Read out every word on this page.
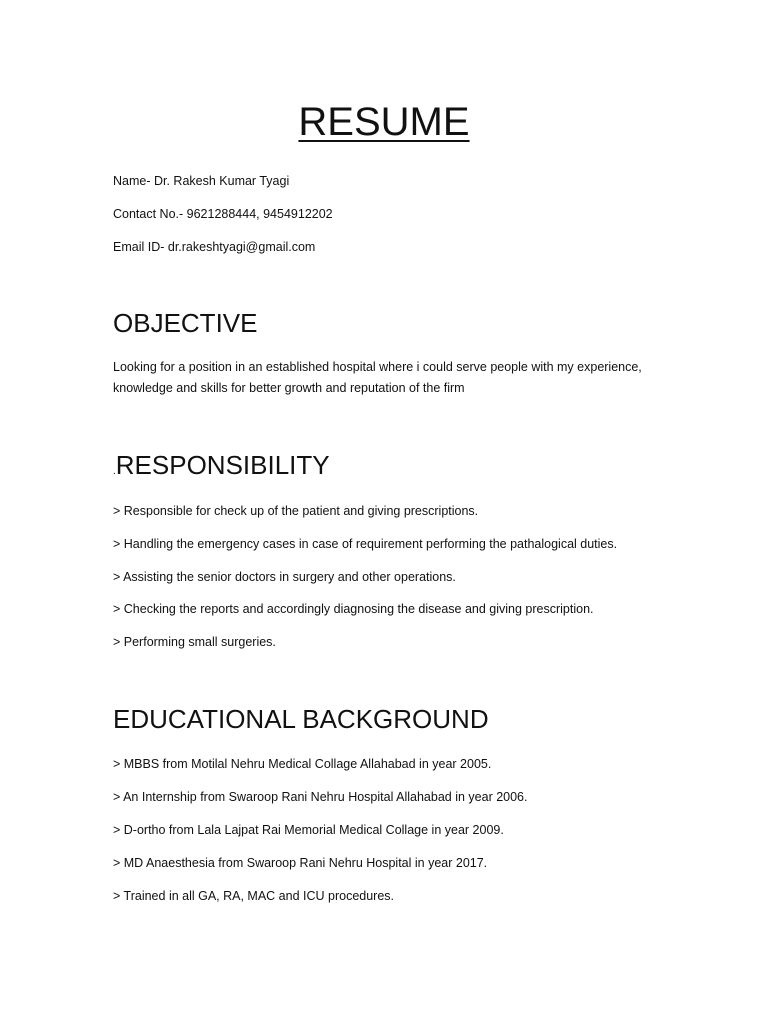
RESUME

Name- Dr. Rakesh Kumar Tyagi

Contact No.- 9621288444, 9454912202

Email ID- dr.rakeshtyagi@gmail.com

OBJECTIVE

Looking for a position in an established hospital where i could serve people with my experience, knowledge and skills for better growth and reputation of the firm

.RESPONSIBILITY

> Responsible for check up of the patient and giving prescriptions.

> Handling the emergency cases in case of requirement performing the pathalogical duties.

> Assisting the senior doctors in surgery and other operations.

> Checking the reports and accordingly diagnosing the disease and giving prescription.

> Performing small surgeries.

EDUCATIONAL BACKGROUND

> MBBS from Motilal Nehru Medical Collage Allahabad in year 2005.

> An Internship from Swaroop Rani Nehru Hospital Allahabad in year 2006.

> D-ortho from Lala Lajpat Rai Memorial Medical Collage in year 2009.

> MD Anaesthesia from Swaroop Rani Nehru Hospital in year 2017.

> Trained in all GA, RA, MAC and ICU procedures.
